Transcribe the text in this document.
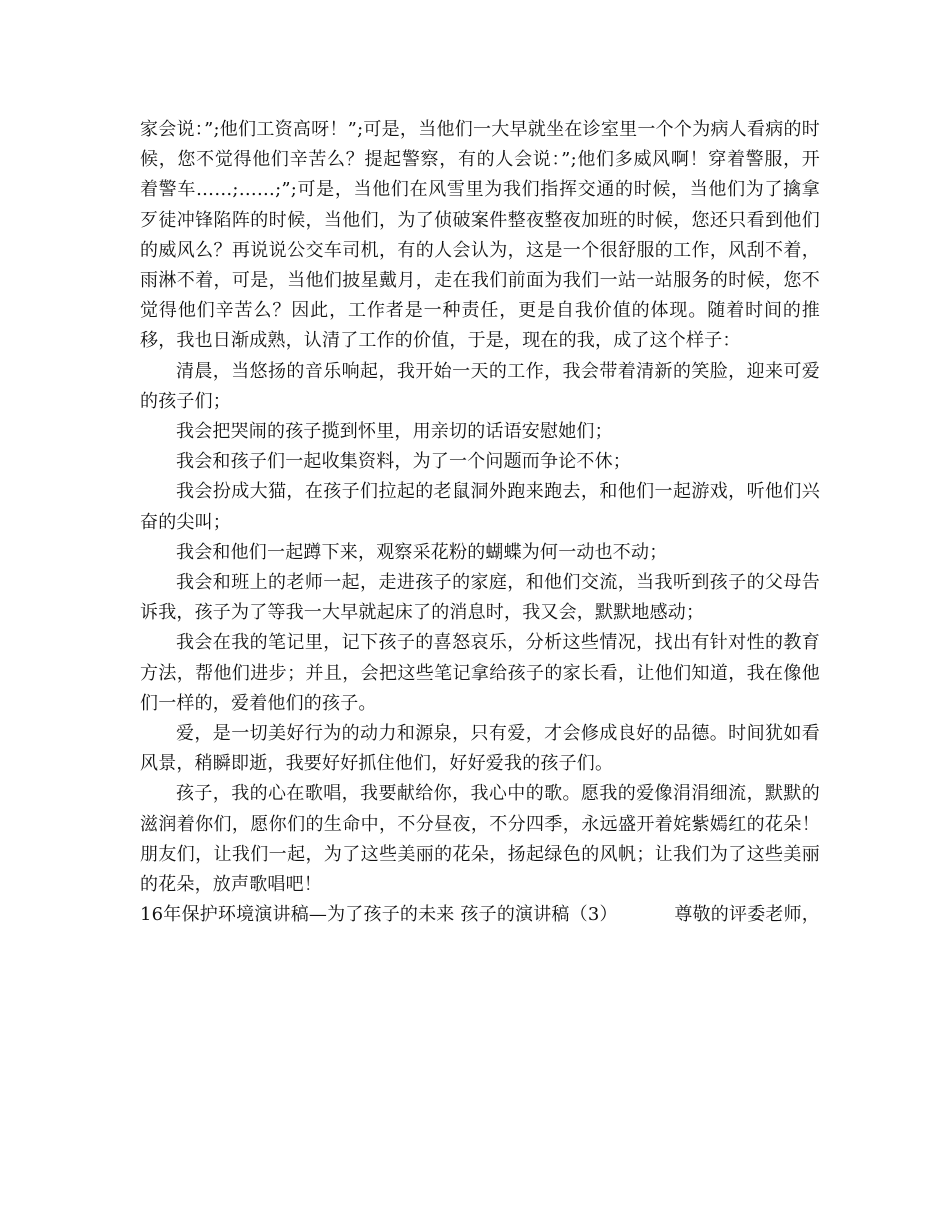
家会说：”;他们工资高呀！”;可是，当他们一大早就坐在诊室里一个个为病人看病的时候，您不觉得他们辛苦么？提起警察，有的人会说：”;他们多威风啊！穿着警服，开着警车……;……;”;可是，当他们在风雪里为我们指挥交通的时候，当他们为了擒拿歹徒冲锋陷阵的时候，当他们，为了侦破案件整夜整夜加班的时候，您还只看到他们的威风么？再说说公交车司机，有的人会认为，这是一个很舒服的工作，风刮不着，雨淋不着，可是，当他们披星戴月，走在我们前面为我们一站一站服务的时候，您不觉得他们辛苦么？因此，工作者是一种责任，更是自我价值的体现。随着时间的推移，我也日渐成熟，认清了工作的价值，于是，现在的我，成了这个样子：

清晨，当悠扬的音乐响起，我开始一天的工作，我会带着清新的笑脸，迎来可爱的孩子们；

我会把哭闹的孩子揽到怀里，用亲切的话语安慰她们；

我会和孩子们一起收集资料，为了一个问题而争论不休；

我会扮成大猫，在孩子们拉起的老鼠洞外跑来跑去，和他们一起游戏，听他们兴奋的尖叫；

我会和他们一起蹲下来，观察采花粉的蝴蝶为何一动也不动；

我会和班上的老师一起，走进孩子的家庭，和他们交流，当我听到孩子的父母告诉我，孩子为了等我一大早就起床了的消息时，我又会，默默地感动；

我会在我的笔记里，记下孩子的喜怒哀乐，分析这些情况，找出有针对性的教育方法，帮他们进步；并且，会把这些笔记拿给孩子的家长看，让他们知道，我在像他们一样的，爱着他们的孩子。

爱，是一切美好行为的动力和源泉，只有爱，才会修成良好的品德。时间犹如看风景，稍瞬即逝，我要好好抓住他们，好好爱我的孩子们。

孩子，我的心在歌唱，我要献给你，我心中的歌。愿我的爱像涓涓细流，默默的滋润着你们，愿你们的生命中，不分昼夜，不分四季，永远盛开着姹紫嫣红的花朵！朋友们，让我们一起，为了这些美丽的花朵，扬起绿色的风帆；让我们为了这些美丽的花朵，放声歌唱吧！

16年保护环境演讲稿—为了孩子的未来 孩子的演讲稿（3）	尊敬的评委老师，
